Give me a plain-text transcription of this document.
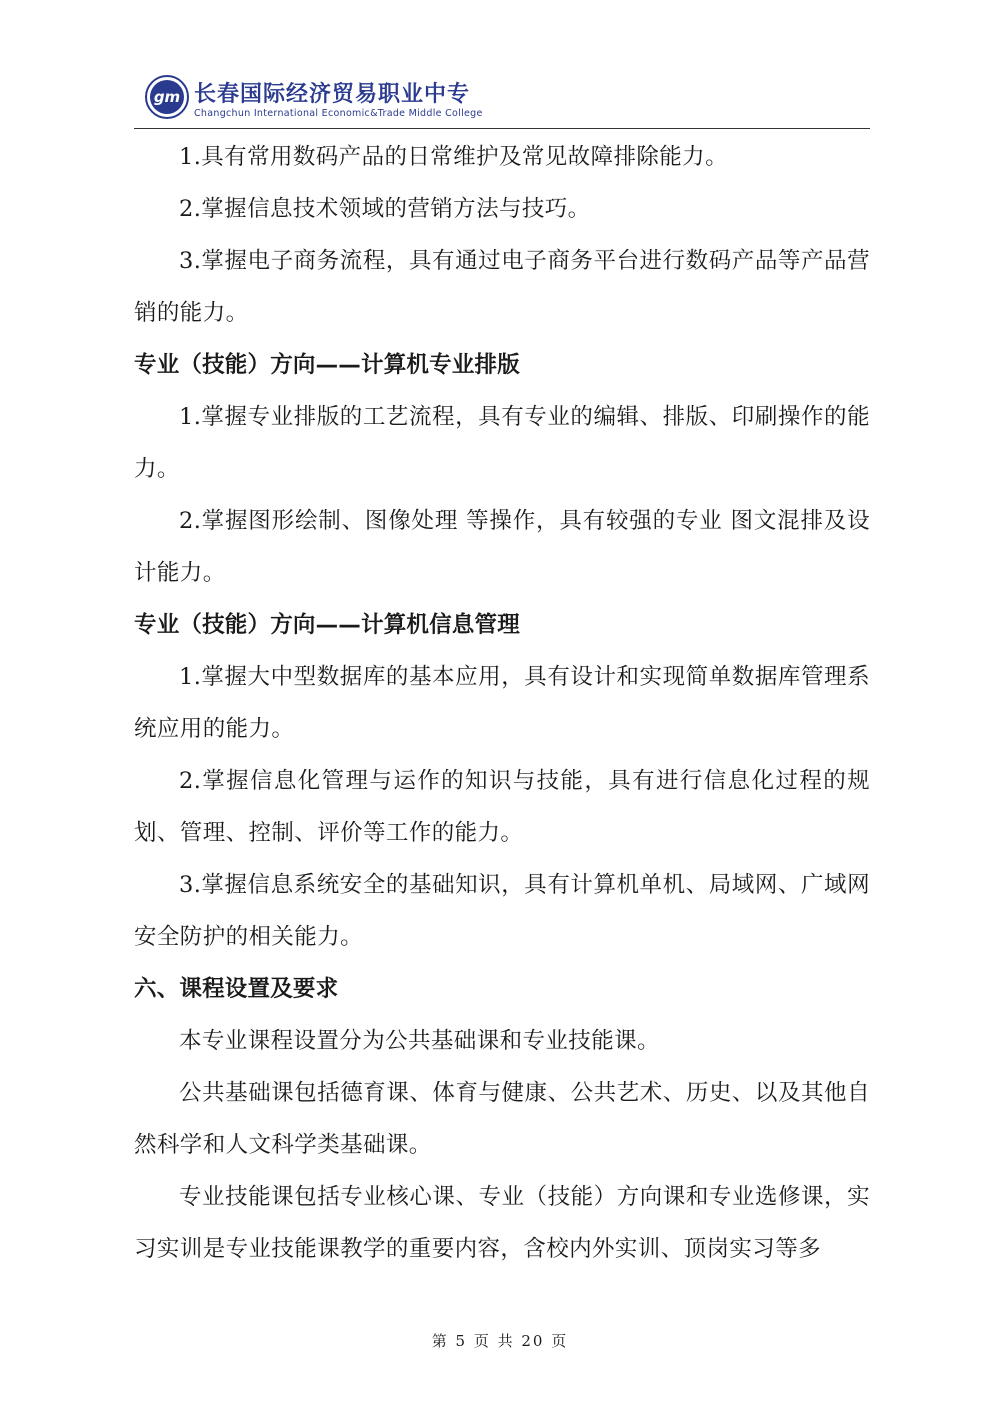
gm 长春国际经济贸易职业中专
Changchun International Economic&Trade Middle College

1.具有常用数码产品的日常维护及常见故障排除能力。

2.掌握信息技术领域的营销方法与技巧。

3.掌握电子商务流程，具有通过电子商务平台进行数码产品等产品营销的能力。

专业（技能）方向——计算机专业排版

1.掌握专业排版的工艺流程，具有专业的编辑、排版、印刷操作的能力。

2.掌握图形绘制、图像处理 等操作，具有较强的专业 图文混排及设计能力。

专业（技能）方向——计算机信息管理

1.掌握大中型数据库的基本应用，具有设计和实现简单数据库管理系统应用的能力。

2.掌握信息化管理与运作的知识与技能，具有进行信息化过程的规划、管理、控制、评价等工作的能力。

3.掌握信息系统安全的基础知识，具有计算机单机、局域网、广域网安全防护的相关能力。

六、课程设置及要求

本专业课程设置分为公共基础课和专业技能课。

公共基础课包括德育课、体育与健康、公共艺术、历史、以及其他自然科学和人文科学类基础课。

专业技能课包括专业核心课、专业（技能）方向课和专业选修课，实习实训是专业技能课教学的重要内容，含校内外实训、顶岗实习等多

第 5 页 共 20 页
